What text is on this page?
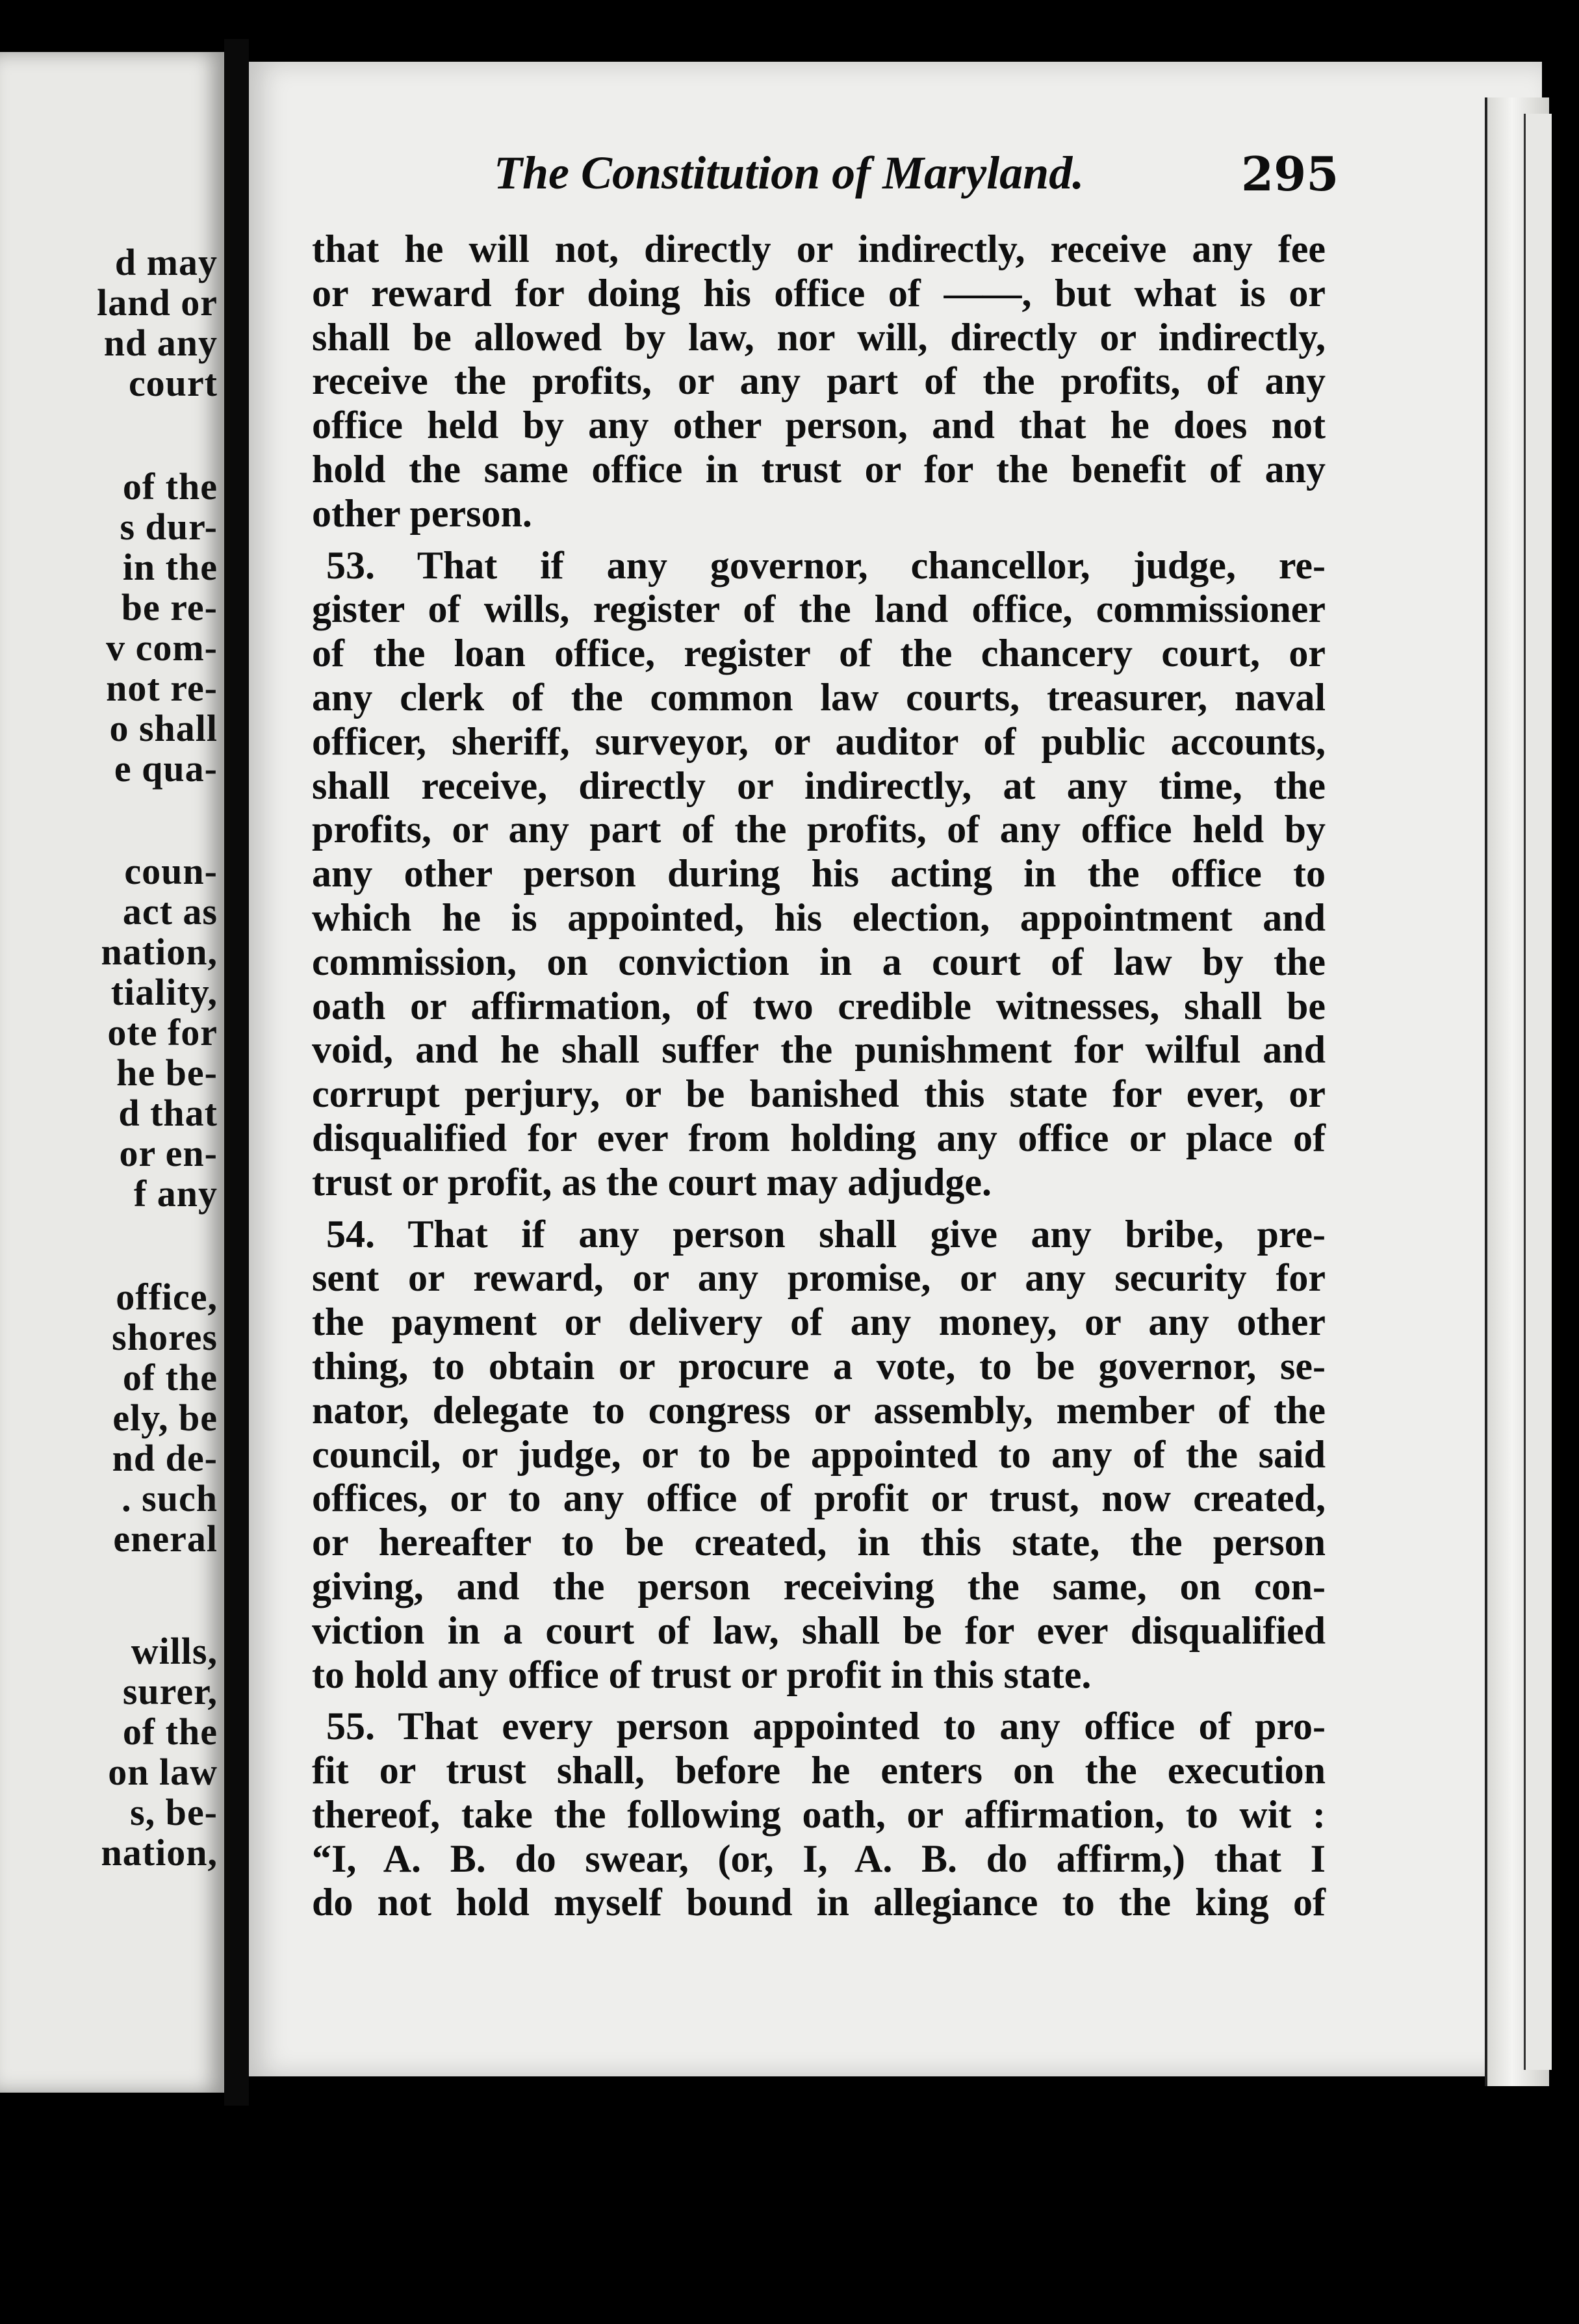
d may
land or
nd any
court
of the
s dur-
in the
be re-
v com-
not re-
o shall
e qua-
coun-
act as
nation,
tiality,
ote for
he be-
d that
or en-
f any
office,
shores
of the
ely, be
nd de-
. such
eneral
wills,
surer,
of the
on law
s, be-
nation,
The Constitution of Maryland.	295
that he will not, directly or indirectly, receive any fee
or reward for doing his office of ——, but what is or
shall be allowed by law, nor will, directly or indirectly,
receive the profits, or any part of the profits, of any
office held by any other person, and that he does not
hold the same office in trust or for the benefit of any
other person.
53. That if any governor, chancellor, judge, re-
gister of wills, register of the land office, commissioner
of the loan office, register of the chancery court, or
any clerk of the common law courts, treasurer, naval
officer, sheriff, surveyor, or auditor of public accounts,
shall receive, directly or indirectly, at any time, the
profits, or any part of the profits, of any office held by
any other person during his acting in the office to
which he is appointed, his election, appointment and
commission, on conviction in a court of law by the
oath or affirmation, of two credible witnesses, shall be
void, and he shall suffer the punishment for wilful and
corrupt perjury, or be banished this state for ever, or
disqualified for ever from holding any office or place of
trust or profit, as the court may adjudge.
54. That if any person shall give any bribe, pre-
sent or reward, or any promise, or any security for
the payment or delivery of any money, or any other
thing, to obtain or procure a vote, to be governor, se-
nator, delegate to congress or assembly, member of the
council, or judge, or to be appointed to any of the said
offices, or to any office of profit or trust, now created,
or hereafter to be created, in this state, the person
giving, and the person receiving the same, on con-
viction in a court of law, shall be for ever disqualified
to hold any office of trust or profit in this state.
55. That every person appointed to any office of pro-
fit or trust shall, before he enters on the execution
thereof, take the following oath, or affirmation, to wit :
“I, A. B. do swear, (or, I, A. B. do affirm,) that I
do not hold myself bound in allegiance to the king of
